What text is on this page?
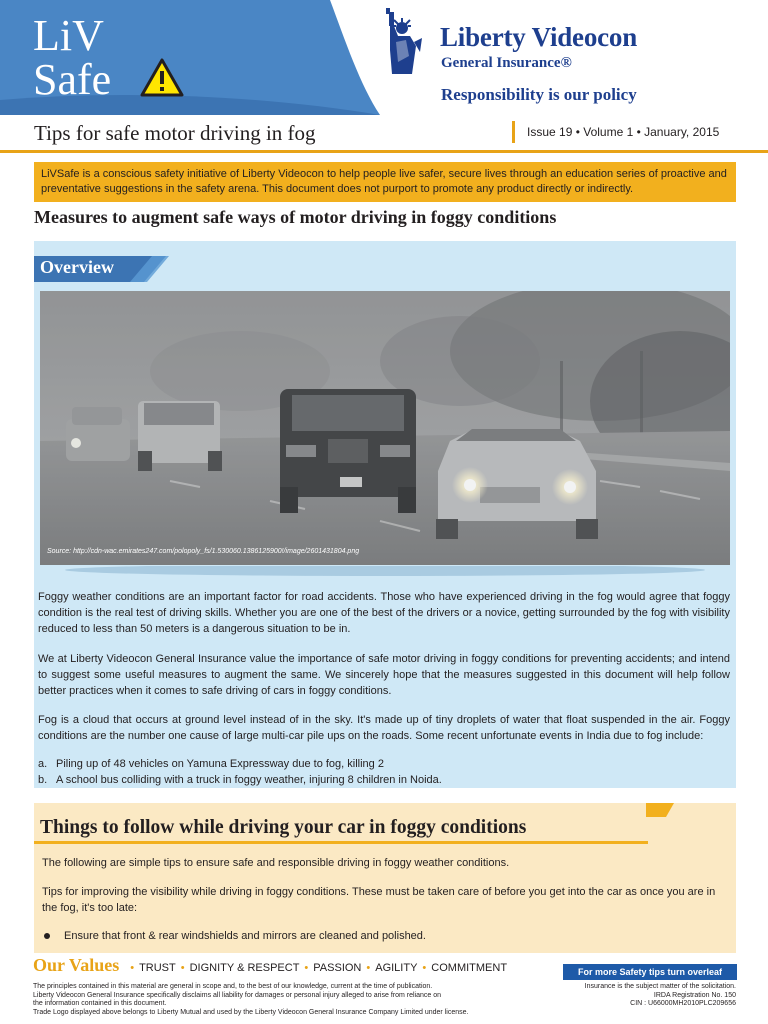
LiV
Safe
Liberty Videocon
General Insurance®
Responsibility is our policy
Tips for safe motor driving in fog	Issue 19 • Volume 1 • January, 2015
LiVSafe is a conscious safety initiative of Liberty Videocon to help people live safer, secure lives through an education series of proactive and preventative suggestions in the safety arena. This document does not purport to promote any product directly or indirectly.
Measures to augment safe ways of motor driving in foggy conditions
Overview
Source: http://cdn-wac.emirates247.com/polopoly_fs/1.530060.1386125900!/image/2601431804.png
Foggy weather conditions are an important factor for road accidents. Those who have experienced driving in the fog would agree that foggy condition is the real test of driving skills. Whether you are one of the best of the drivers or a novice, getting surrounded by the fog with visibility reduced to less than 50 meters is a dangerous situation to be in.
We at Liberty Videocon General Insurance value the importance of safe motor driving in foggy conditions for preventing accidents; and intend to suggest some useful measures to augment the same. We sincerely hope that the measures suggested in this document will help follow better practices when it comes to safe driving of cars in foggy conditions.
Fog is a cloud that occurs at ground level instead of in the sky. It's made up of tiny droplets of water that float suspended in the air. Foggy conditions are the number one cause of large multi-car pile ups on the roads. Some recent unfortunate events in India due to fog include:
a. Piling up of 48 vehicles on Yamuna Expressway due to fog, killing 2
b. A school bus colliding with a truck in foggy weather, injuring 8 children in Noida.
Things to follow while driving your car in foggy conditions
The following are simple tips to ensure safe and responsible driving in foggy weather conditions.
Tips for improving the visibility while driving in foggy conditions. These must be taken care of before you get into the car as once you are in the fog, it's too late:
Ensure that front & rear windshields and mirrors are cleaned and polished.
Our Values • TRUST • DIGNITY & RESPECT • PASSION • AGILITY • COMMITMENT	For more Safety tips turn overleaf
The principles contained in this material are general in scope and, to the best of our knowledge, current at the time of publication.
Liberty Videocon General Insurance specifically disclaims all liability for damages or personal injury alleged to arise from reliance on
the information contained in this document.
Trade Logo displayed above belongs to Liberty Mutual and used by the Liberty Videocon General Insurance Company Limited under license.
Insurance is the subject matter of the solicitation.
IRDA Registration No. 150
CIN : U66000MH2010PLC209656
